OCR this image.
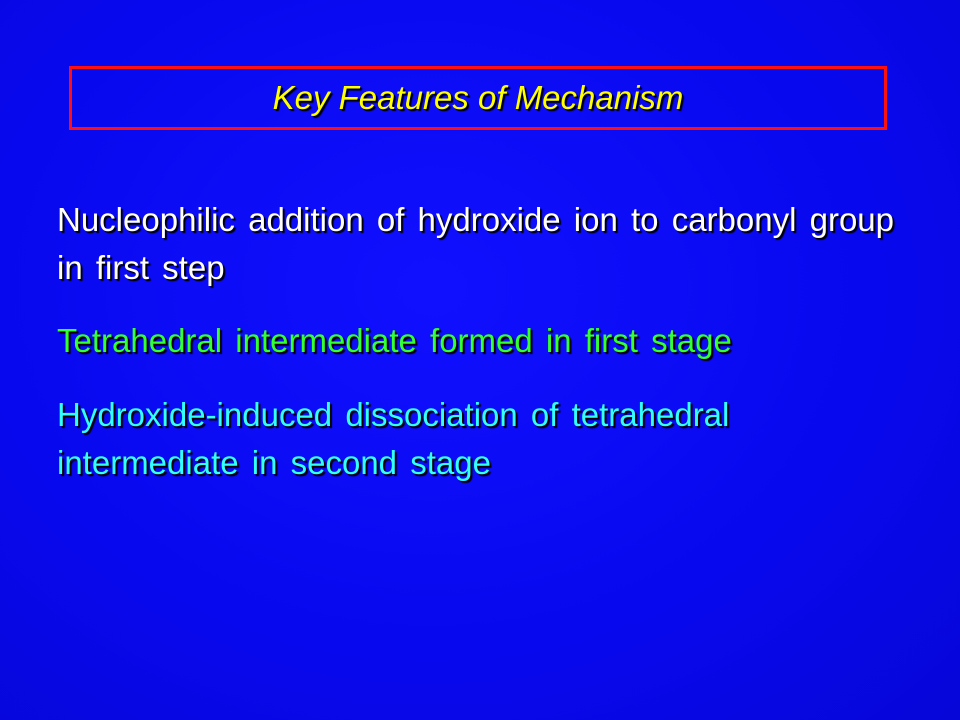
Key Features of Mechanism
Nucleophilic addition of hydroxide ion to carbonyl group in first step
Tetrahedral intermediate formed in first stage
Hydroxide-induced dissociation of tetrahedral intermediate in second stage
